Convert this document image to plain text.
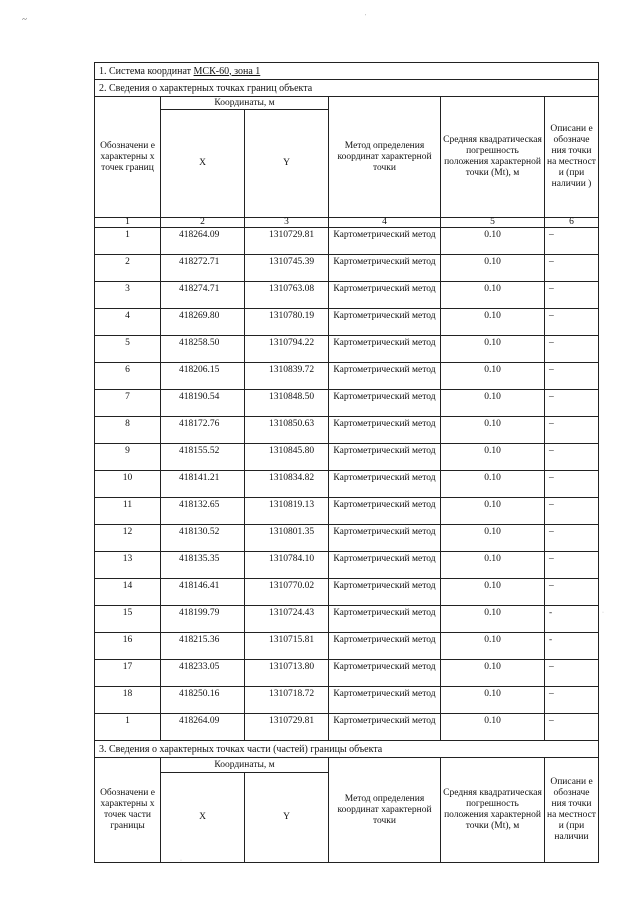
~
1. Система координат МСК-60, зона 1					
2. Сведения о характерных точках границ объекта					
Обозначени е характерны х точек границ	Координаты, м		Метод определения координат характерной точки	Средняя квадратическая погрешность положения характерной точки (Mt), м	Описани е обозначе ния точки на местност и (при наличии )
	X	Y			
1	2	3	4	5	6
1	418264.09	1310729.81	Картометрический метод	0.10	–
2	418272.71	1310745.39	Картометрический метод	0.10	–
3	418274.71	1310763.08	Картометрический метод	0.10	–
4	418269.80	1310780.19	Картометрический метод	0.10	–
5	418258.50	1310794.22	Картометрический метод	0.10	–
6	418206.15	1310839.72	Картометрический метод	0.10	–
7	418190.54	1310848.50	Картометрический метод	0.10	–
8	418172.76	1310850.63	Картометрический метод	0.10	–
9	418155.52	1310845.80	Картометрический метод	0.10	–
10	418141.21	1310834.82	Картометрический метод	0.10	–
11	418132.65	1310819.13	Картометрический метод	0.10	–
12	418130.52	1310801.35	Картометрический метод	0.10	–
13	418135.35	1310784.10	Картометрический метод	0.10	–
14	418146.41	1310770.02	Картометрический метод	0.10	–
15	418199.79	1310724.43	Картометрический метод	0.10	-
16	418215.36	1310715.81	Картометрический метод	0.10	-
17	418233.05	1310713.80	Картометрический метод	0.10	–
18	418250.16	1310718.72	Картометрический метод	0.10	–
1	418264.09	1310729.81	Картометрический метод	0.10	–
3. Сведения о характерных точках части (частей) границы объекта					
Обозначени е характерны х точек части границы	Координаты, м		Метод определения координат характерной точки	Средняя квадратическая погрешность положения характерной точки (Mt), м	Описани е обозначе ния точки на местност и (при наличии
	X	Y			
'
·
·
